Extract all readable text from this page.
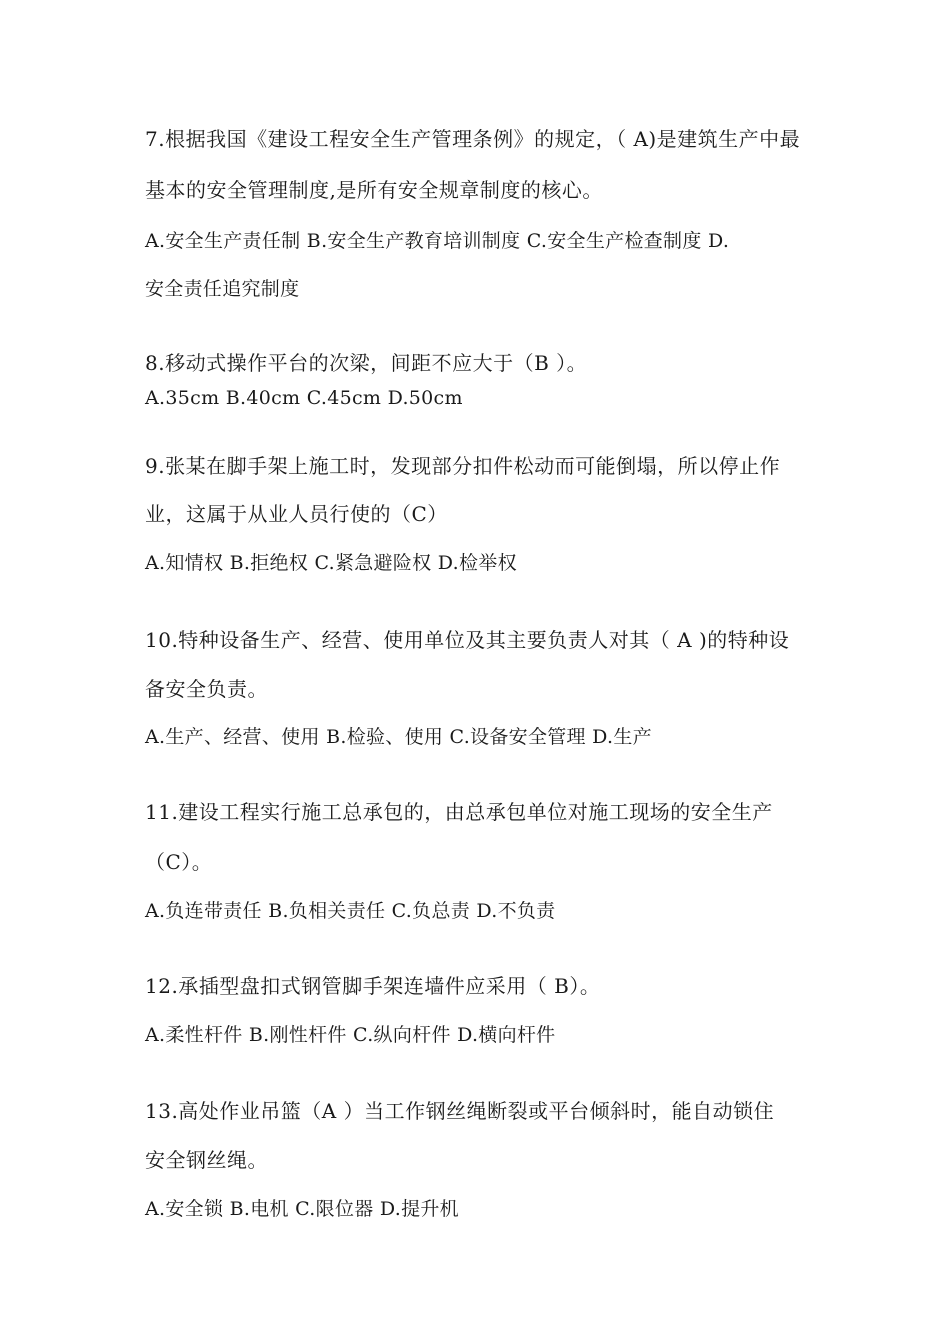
7.根据我国《建设工程安全生产管理条例》的规定，（ A)是建筑生产中最
基本的安全管理制度,是所有安全规章制度的核心。
A.安全生产责任制 B.安全生产教育培训制度 C.安全生产检查制度 D.
安全责任追究制度
8.移动式操作平台的次梁，间距不应大于（B ）。
A.35cm B.40cm C.45cm D.50cm
9.张某在脚手架上施工时，发现部分扣件松动而可能倒塌，所以停止作
业，这属于从业人员行使的（C）
A.知情权 B.拒绝权 C.紧急避险权 D.检举权
10.特种设备生产、经营、使用单位及其主要负责人对其（ A )的特种设
备安全负责。
A.生产、经营、使用 B.检验、使用 C.设备安全管理 D.生产
11.建设工程实行施工总承包的，由总承包单位对施工现场的安全生产
（C）。
A.负连带责任 B.负相关责任 C.负总责 D.不负责
12.承插型盘扣式钢管脚手架连墙件应采用（ B）。
A.柔性杆件 B.刚性杆件 C.纵向杆件 D.横向杆件
13.高处作业吊篮（A ）当工作钢丝绳断裂或平台倾斜时，能自动锁住
安全钢丝绳。
A.安全锁 B.电机 C.限位器 D.提升机
